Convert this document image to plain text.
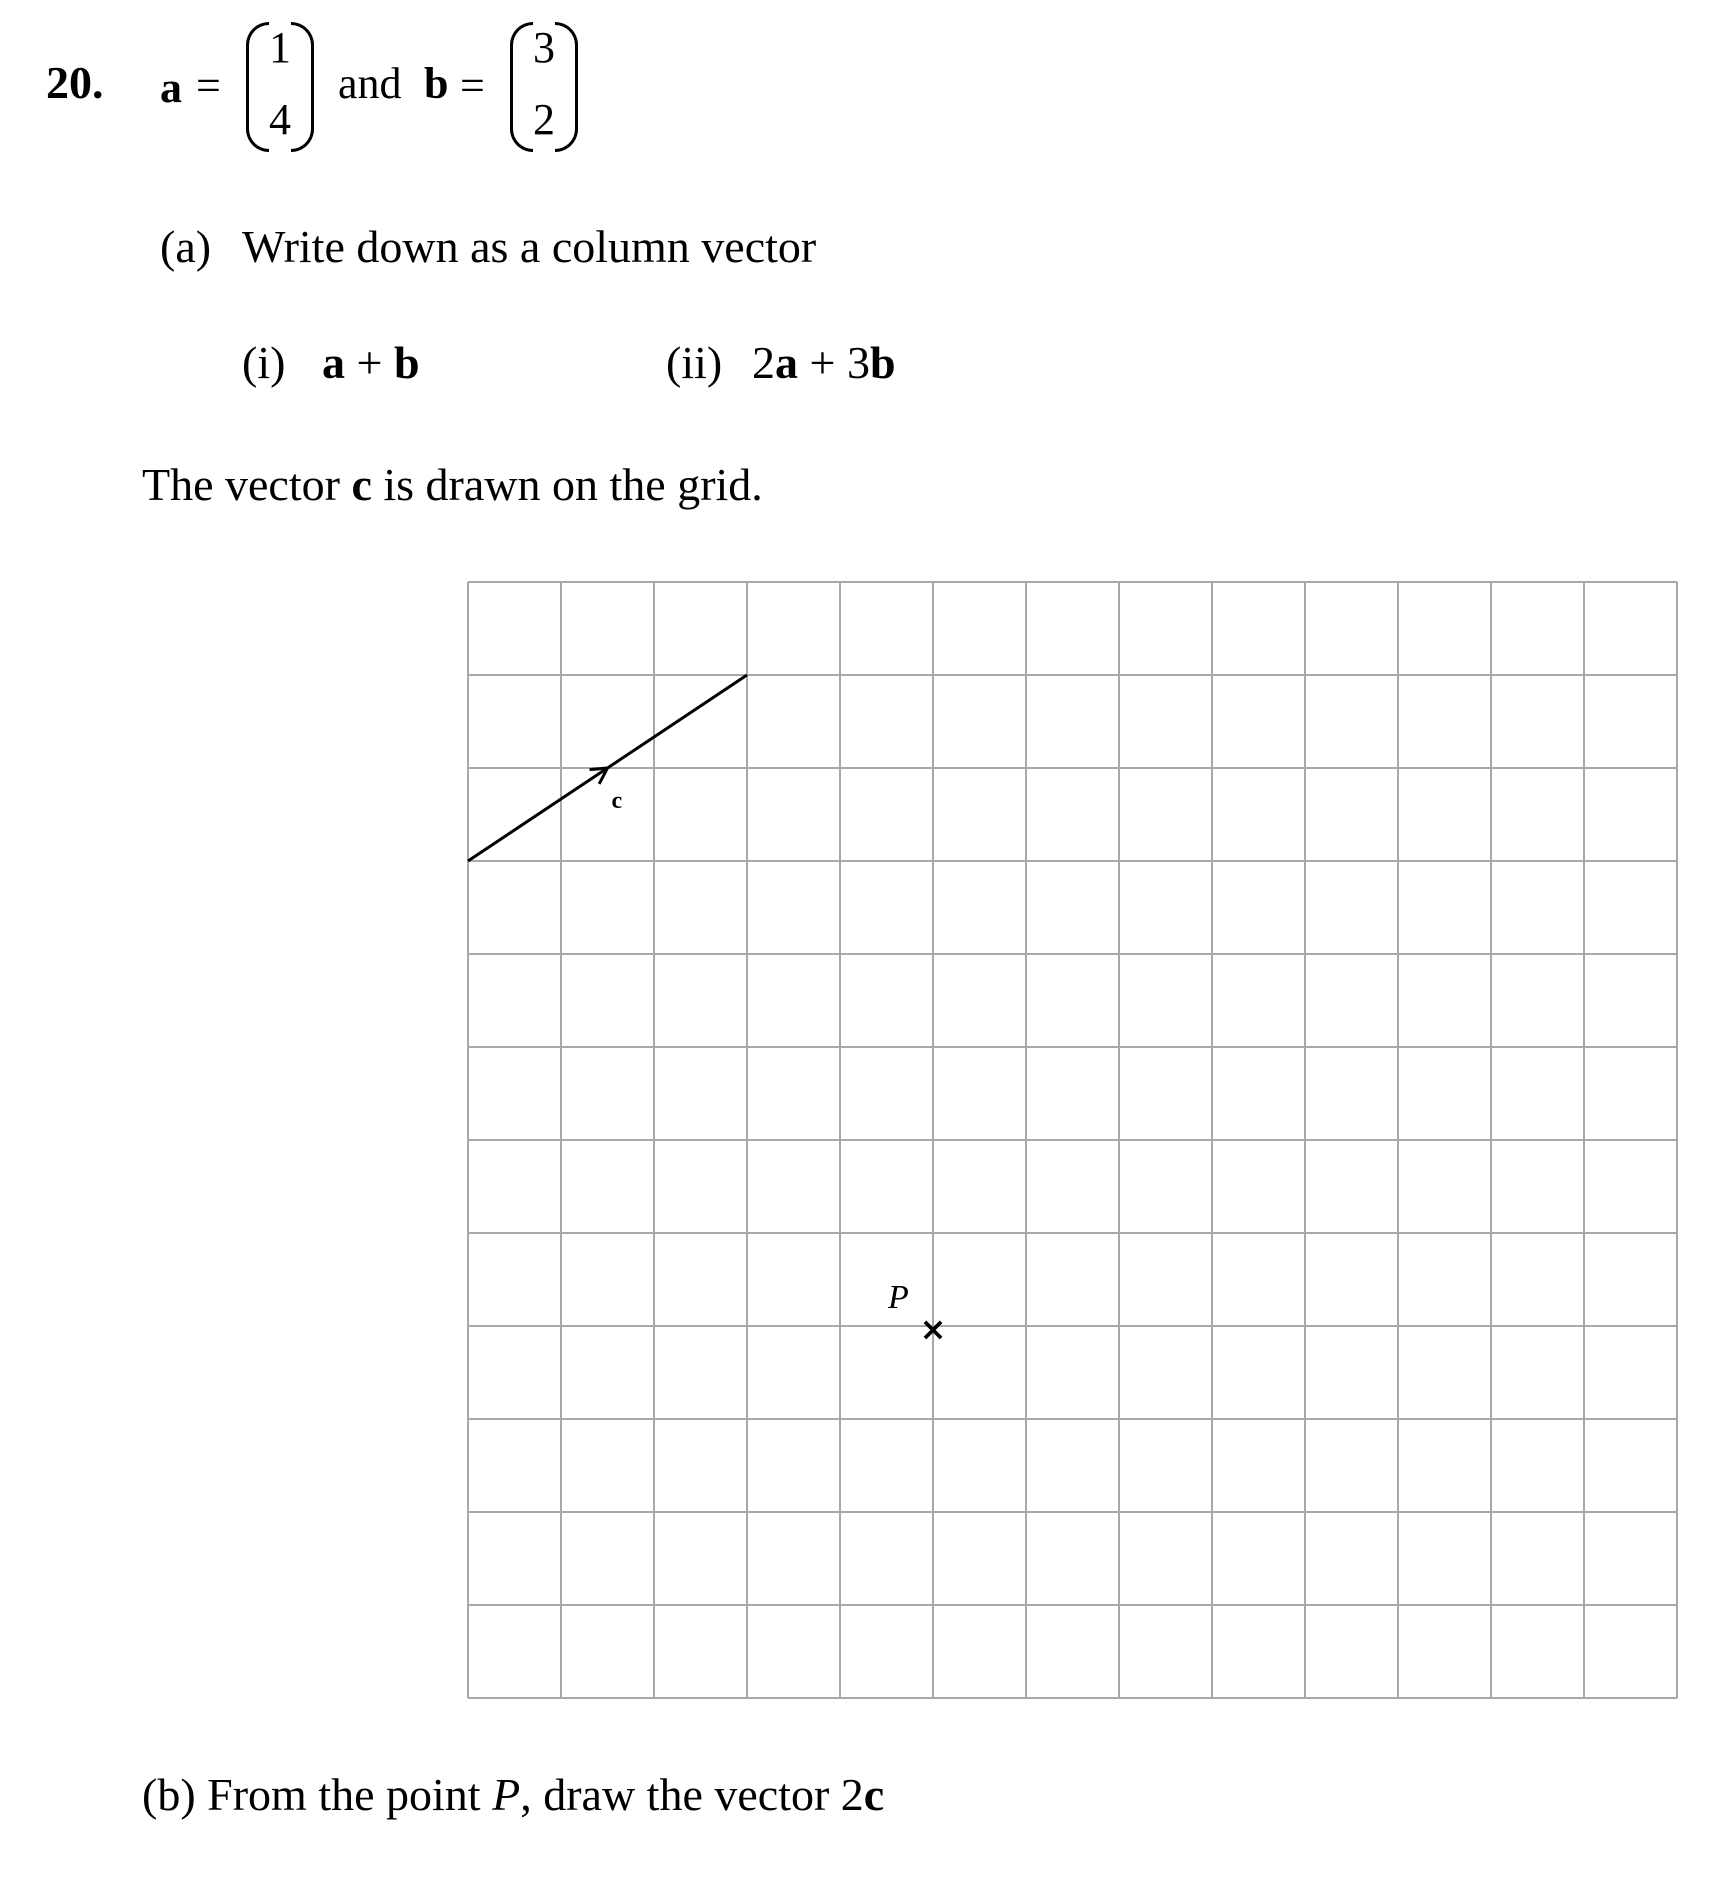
20. a =
1
4
and b =
3
2
(a) Write down as a column vector
(i) a + b	(ii) 2a + 3b
The vector c is drawn on the grid.
c
×
P
(b) From the point P, draw the vector 2c
